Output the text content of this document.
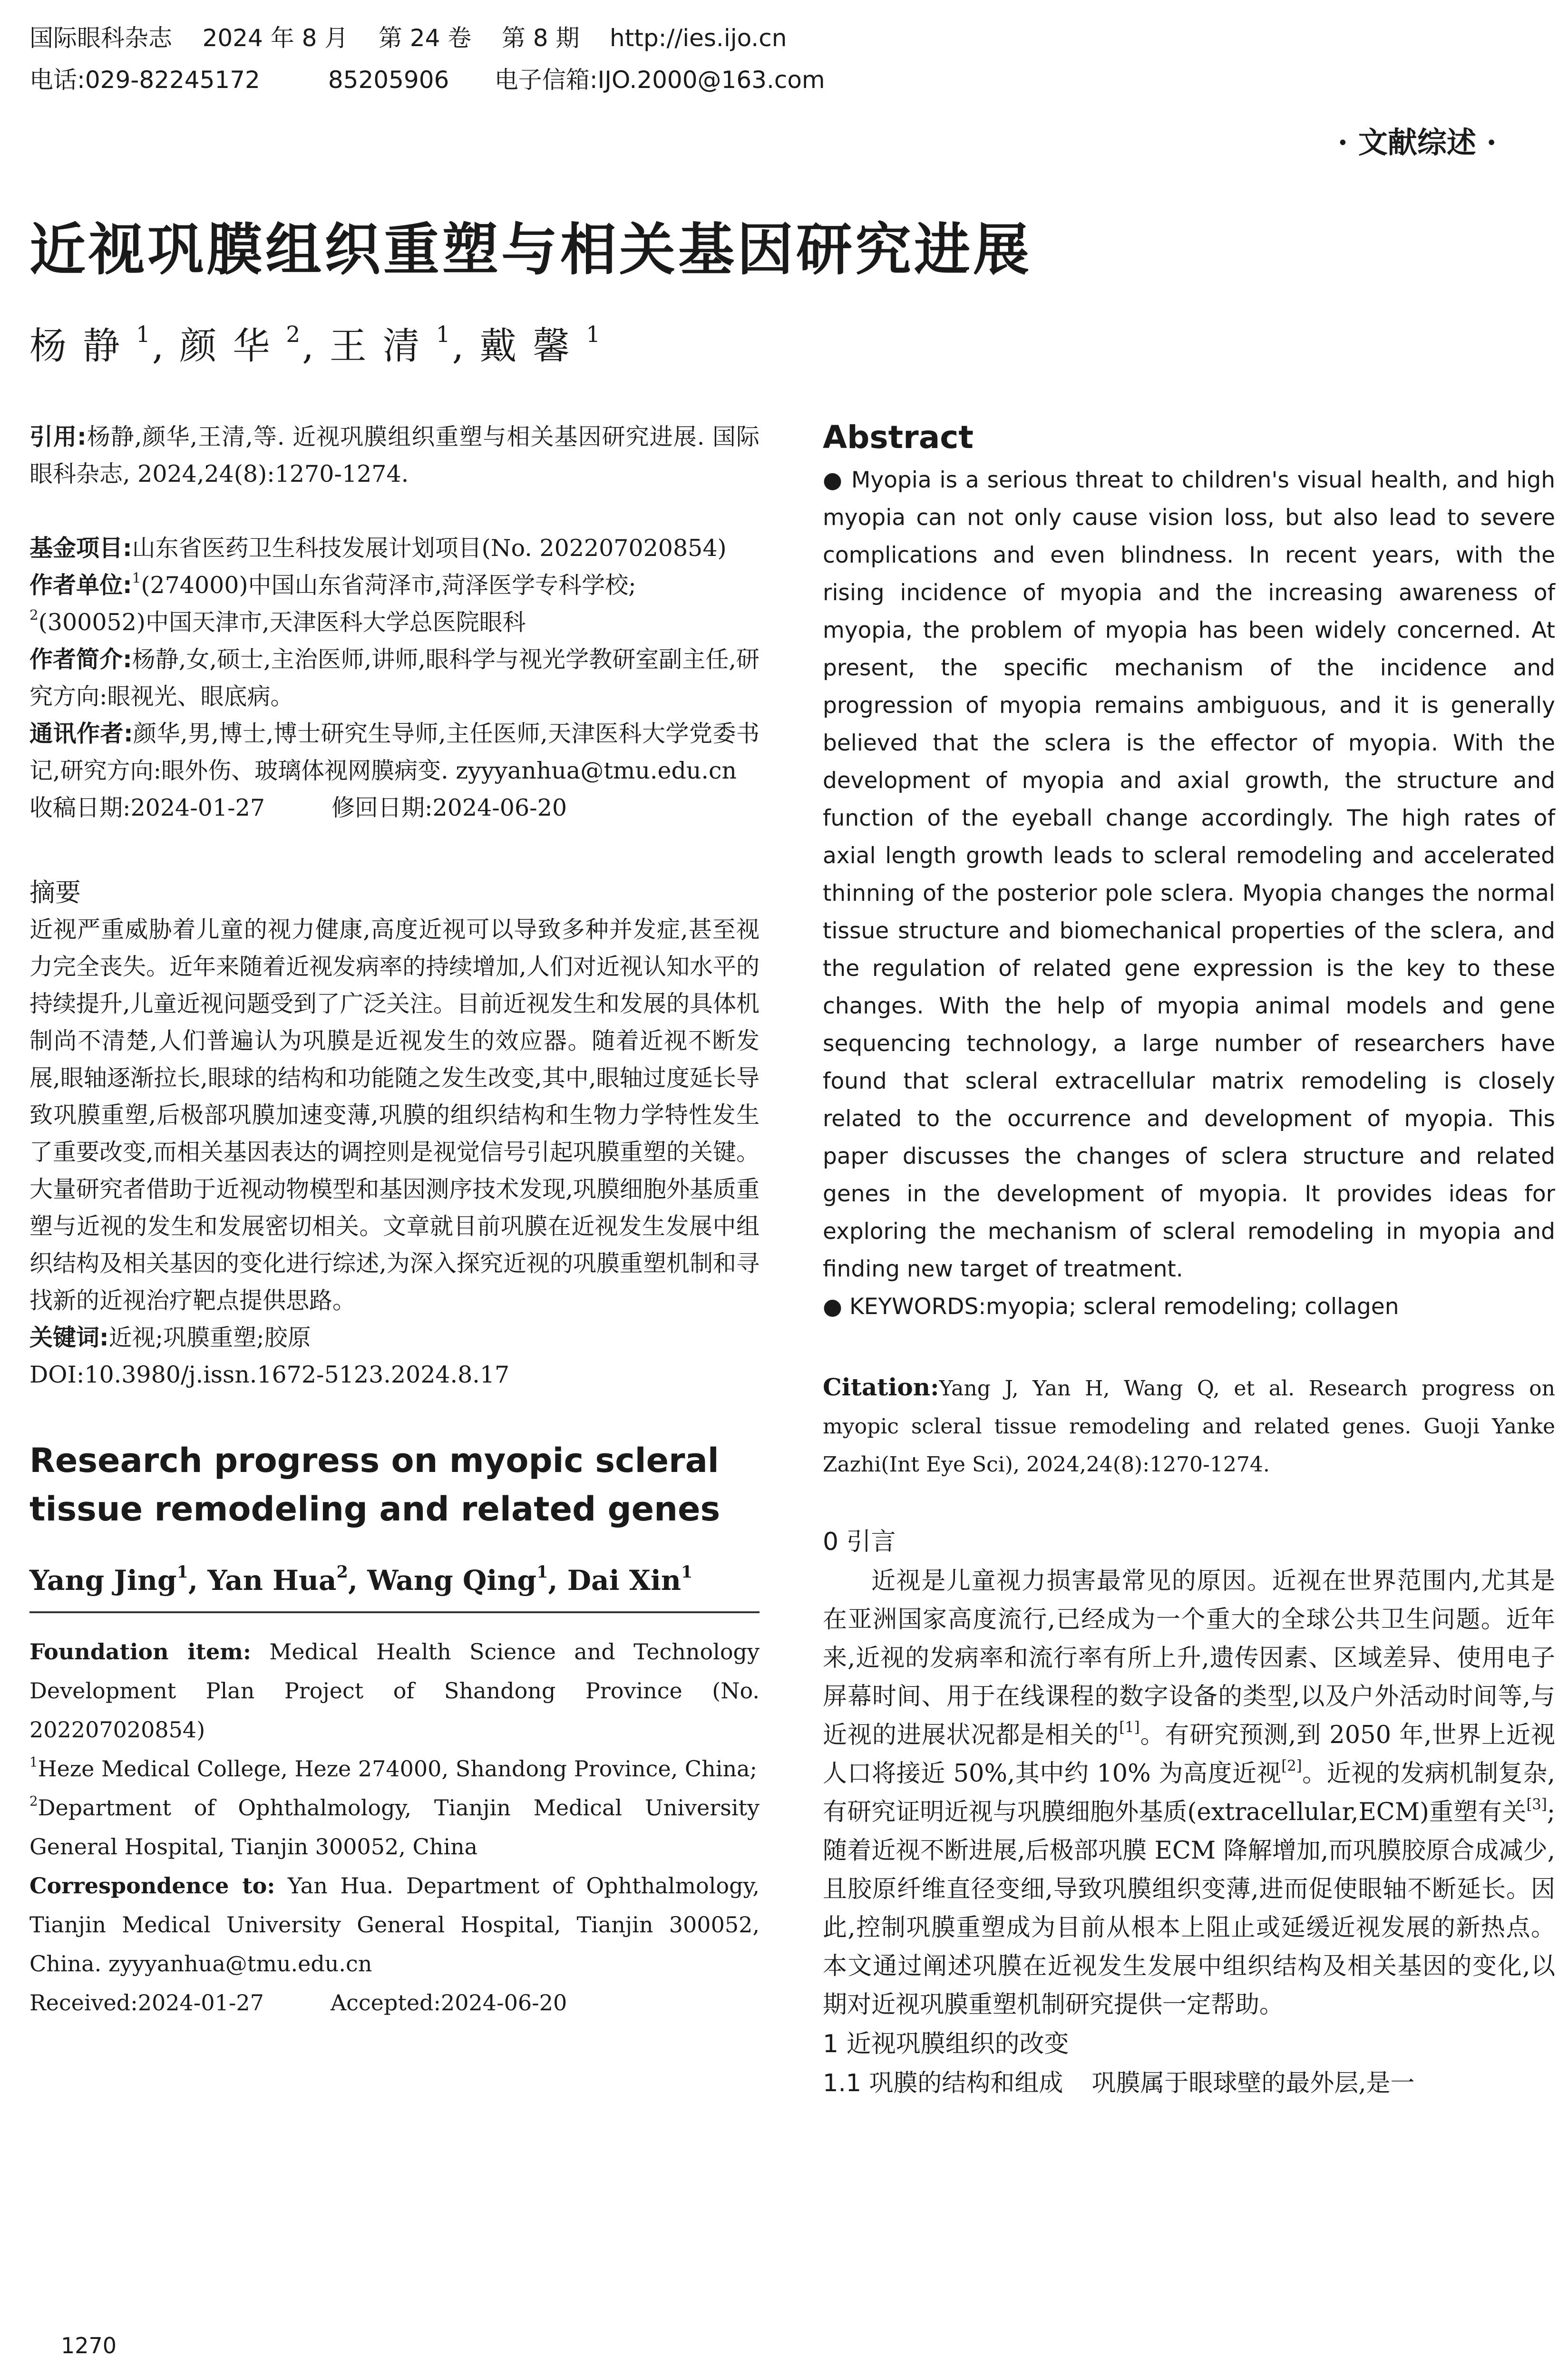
国际眼科杂志    2024 年 8 月    第 24 卷    第 8 期    http://ies.ijo.cn
电话:029-82245172         85205906      电子信箱:IJO.2000@163.com
· 文献综述 ·
近视巩膜组织重塑与相关基因研究进展
杨静$^1$, 颜华$^2$, 王清$^1$, 戴馨$^1$

引用:杨静,颜华,王清,等. 近视巩膜组织重塑与相关基因研究进展. 国际眼科杂志, 2024,24(8):1270-1274.

基金项目:山东省医药卫生科技发展计划项目(No. 202207020854)

作者单位:$^1$(274000)中国山东省菏泽市,菏泽医学专科学校;
$^2$(300052)中国天津市,天津医科大学总医院眼科

作者简介:杨静,女,硕士,主治医师,讲师,眼科学与视光学教研室副主任,研究方向:眼视光、眼底病。

通讯作者:颜华,男,博士,博士研究生导师,主任医师,天津医科大学党委书记,研究方向:眼外伤、玻璃体视网膜病变. zyyyanhua@tmu.edu.cn

收稿日期:2024-01-27	修回日期:2024-06-20

摘要

近视严重威胁着儿童的视力健康,高度近视可以导致多种并发症,甚至视力完全丧失。近年来随着近视发病率的持续增加,人们对近视认知水平的持续提升,儿童近视问题受到了广泛关注。目前近视发生和发展的具体机制尚不清楚,人们普遍认为巩膜是近视发生的效应器。随着近视不断发展,眼轴逐渐拉长,眼球的结构和功能随之发生改变,其中,眼轴过度延长导致巩膜重塑,后极部巩膜加速变薄,巩膜的组织结构和生物力学特性发生了重要改变,而相关基因表达的调控则是视觉信号引起巩膜重塑的关键。大量研究者借助于近视动物模型和基因测序技术发现,巩膜细胞外基质重塑与近视的发生和发展密切相关。文章就目前巩膜在近视发生发展中组织结构及相关基因的变化进行综述,为深入探究近视的巩膜重塑机制和寻找新的近视治疗靶点提供思路。

关键词:近视;巩膜重塑;胶原

DOI:10.3980/j.issn.1672-5123.2024.8.17

Research progress on myopic scleral tissue remodeling and related genes

Yang Jing$^1$, Yan Hua$^2$, Wang Qing$^1$, Dai Xin$^1$

Foundation item: Medical Health Science and Technology Development Plan Project of Shandong Province (No. 202207020854)

$^1$Heze Medical College, Heze 274000, Shandong Province, China;

$^2$Department of Ophthalmology, Tianjin Medical University General Hospital, Tianjin 300052, China

Correspondence to: Yan Hua. Department of Ophthalmology, Tianjin Medical University General Hospital, Tianjin 300052, China. zyyyanhua@tmu.edu.cn

Received:2024-01-27	Accepted:2024-06-20

Abstract

● Myopia is a serious threat to children's visual health, and high myopia can not only cause vision loss, but also lead to severe complications and even blindness. In recent years, with the rising incidence of myopia and the increasing awareness of myopia, the problem of myopia has been widely concerned. At present, the specific mechanism of the incidence and progression of myopia remains ambiguous, and it is generally believed that the sclera is the effector of myopia. With the development of myopia and axial growth, the structure and function of the eyeball change accordingly. The high rates of axial length growth leads to scleral remodeling and accelerated thinning of the posterior pole sclera. Myopia changes the normal tissue structure and biomechanical properties of the sclera, and the regulation of related gene expression is the key to these changes. With the help of myopia animal models and gene sequencing technology, a large number of researchers have found that scleral extracellular matrix remodeling is closely related to the occurrence and development of myopia. This paper discusses the changes of sclera structure and related genes in the development of myopia. It provides ideas for exploring the mechanism of scleral remodeling in myopia and finding new target of treatment.

● KEYWORDS:myopia; scleral remodeling; collagen

Citation:Yang J, Yan H, Wang Q, et al. Research progress on myopic scleral tissue remodeling and related genes. Guoji Yanke Zazhi(Int Eye Sci), 2024,24(8):1270-1274.

0 引言

近视是儿童视力损害最常见的原因。近视在世界范围内,尤其是在亚洲国家高度流行,已经成为一个重大的全球公共卫生问题。近年来,近视的发病率和流行率有所上升,遗传因素、区域差异、使用电子屏幕时间、用于在线课程的数字设备的类型,以及户外活动时间等,与近视的进展状况都是相关的[1]。有研究预测,到 2050 年,世界上近视人口将接近 50%,其中约 10% 为高度近视[2]。近视的发病机制复杂,有研究证明近视与巩膜细胞外基质(extracellular,ECM)重塑有关[3];随着近视不断进展,后极部巩膜 ECM 降解增加,而巩膜胶原合成减少,且胶原纤维直径变细,导致巩膜组织变薄,进而促使眼轴不断延长。因此,控制巩膜重塑成为目前从根本上阻止或延缓近视发展的新热点。本文通过阐述巩膜在近视发生发展中组织结构及相关基因的变化,以期对近视巩膜重塑机制研究提供一定帮助。

1 近视巩膜组织的改变

1.1 巩膜的结构和组成 巩膜属于眼球壁的最外层,是一

1270
